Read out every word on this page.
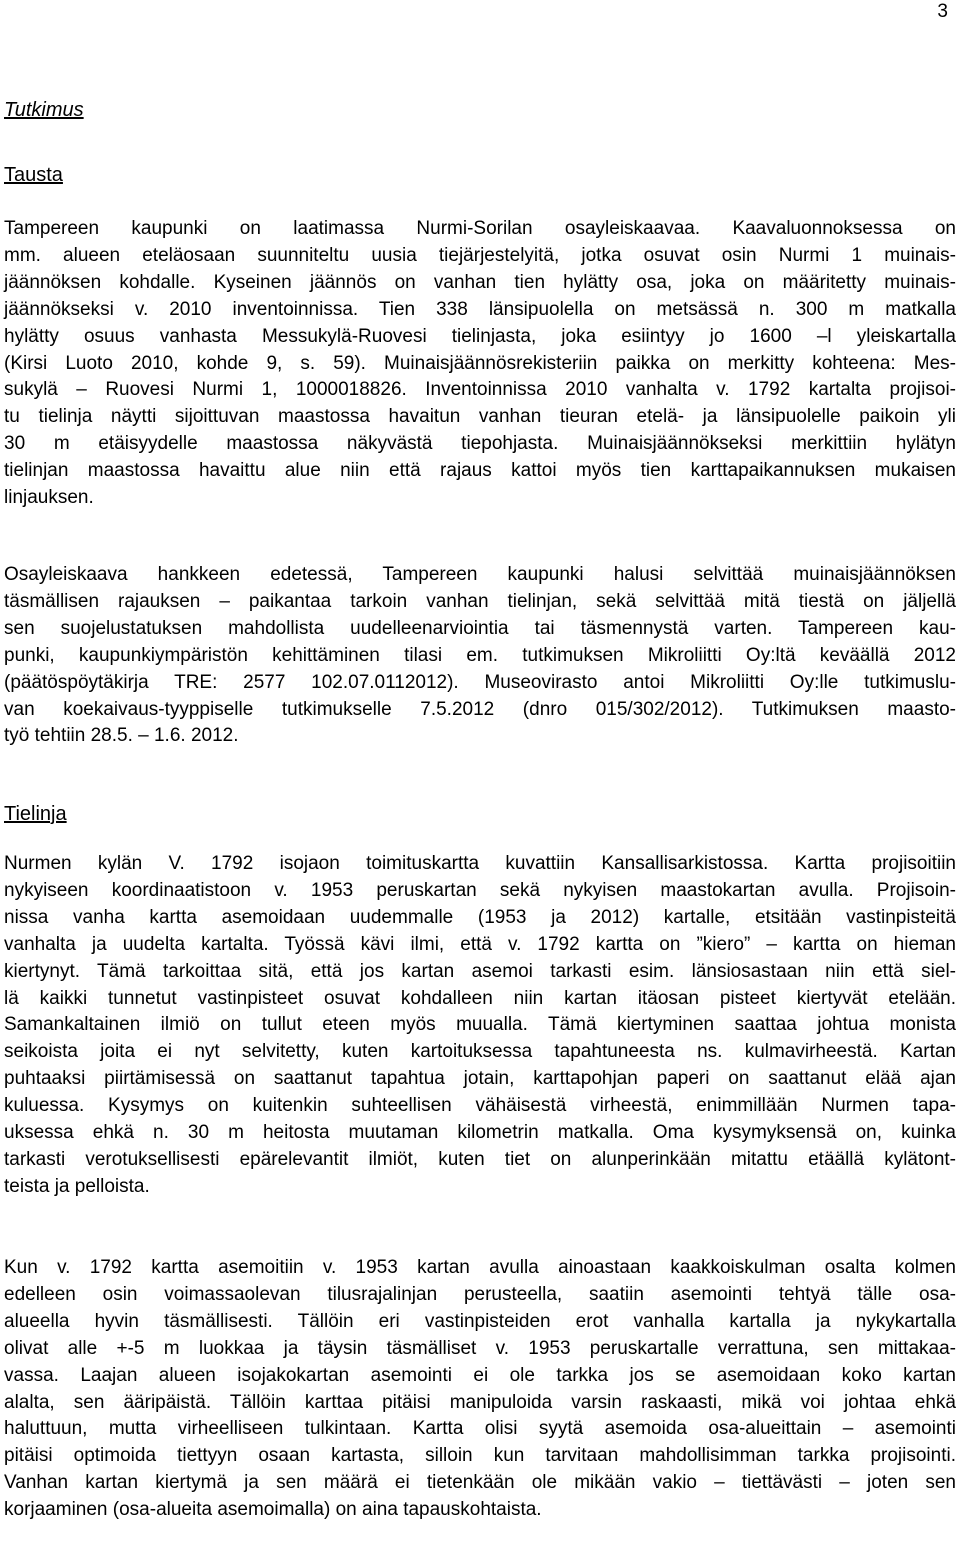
3
Tutkimus
Tausta
Tampereen kaupunki on laatimassa Nurmi-Sorilan osayleiskaavaa. Kaavaluonnoksessa on
mm. alueen eteläosaan suunniteltu uusia tiejärjestelyitä, jotka osuvat osin Nurmi 1 muinais-
jäännöksen kohdalle. Kyseinen jäännös on vanhan tien hylätty osa, joka on määritetty muinais-
jäännökseksi v. 2010 inventoinnissa. Tien 338 länsipuolella on metsässä n. 300 m matkalla
hylätty osuus vanhasta Messukylä-Ruovesi tielinjasta, joka esiintyy jo 1600 –l yleiskartalla
(Kirsi Luoto 2010, kohde 9, s. 59). Muinaisjäännösrekisteriin paikka on merkitty kohteena: Mes-
sukylä – Ruovesi Nurmi 1, 1000018826. Inventoinnissa 2010 vanhalta v. 1792 kartalta projisoi-
tu tielinja näytti sijoittuvan maastossa havaitun vanhan tieuran etelä- ja länsipuolelle paikoin yli
30 m etäisyydelle maastossa näkyvästä tiepohjasta. Muinaisjäännökseksi merkittiin hylätyn
tielinjan maastossa havaittu alue niin että rajaus kattoi myös tien karttapaikannuksen mukaisen
linjauksen.
Osayleiskaava hankkeen edetessä, Tampereen kaupunki halusi selvittää muinaisjäännöksen
täsmällisen rajauksen – paikantaa tarkoin vanhan tielinjan, sekä selvittää mitä tiestä on jäljellä
sen suojelustatuksen mahdollista uudelleenarviointia tai täsmennystä varten. Tampereen kau-
punki, kaupunkiympäristön kehittäminen tilasi em. tutkimuksen Mikroliitti Oy:ltä keväällä 2012
(päätöspöytäkirja TRE: 2577 102.07.0112012). Museovirasto antoi Mikroliitti Oy:lle tutkimuslu-
van koekaivaus-tyyppiselle tutkimukselle 7.5.2012 (dnro 015/302/2012). Tutkimuksen maasto-
työ tehtiin 28.5. – 1.6. 2012.
Tielinja
Nurmen kylän V. 1792 isojaon toimituskartta kuvattiin Kansallisarkistossa. Kartta projisoitiin
nykyiseen koordinaatistoon v. 1953 peruskartan sekä nykyisen maastokartan avulla. Projisoin-
nissa vanha kartta asemoidaan uudemmalle (1953 ja 2012) kartalle, etsitään vastinpisteitä
vanhalta ja uudelta kartalta. Työssä kävi ilmi, että v. 1792 kartta on ”kiero” – kartta on hieman
kiertynyt. Tämä tarkoittaa sitä, että jos kartan asemoi tarkasti esim. länsiosastaan niin että siel-
lä kaikki tunnetut vastinpisteet osuvat kohdalleen niin kartan itäosan pisteet kiertyvät etelään.
Samankaltainen ilmiö on tullut eteen myös muualla. Tämä kiertyminen saattaa johtua monista
seikoista joita ei nyt selvitetty, kuten kartoituksessa tapahtuneesta ns. kulmavirheestä. Kartan
puhtaaksi piirtämisessä on saattanut tapahtua jotain, karttapohjan paperi on saattanut elää ajan
kuluessa. Kysymys on kuitenkin suhteellisen vähäisestä virheestä, enimmillään Nurmen tapa-
uksessa ehkä n. 30 m heitosta muutaman kilometrin matkalla. Oma kysymyksensä on, kuinka
tarkasti verotuksellisesti epärelevantit ilmiöt, kuten tiet on alunperinkään mitattu etäällä kylätont-
teista ja pelloista.
Kun v. 1792 kartta asemoitiin v. 1953 kartan avulla ainoastaan kaakkoiskulman osalta kolmen
edelleen osin voimassaolevan tilusrajalinjan perusteella, saatiin asemointi tehtyä tälle osa-
alueella hyvin täsmällisesti. Tällöin eri vastinpisteiden erot vanhalla kartalla ja nykykartalla
olivat alle +-5 m luokkaa ja täysin täsmälliset v. 1953 peruskartalle verrattuna, sen mittakaa-
vassa. Laajan alueen isojakokartan asemointi ei ole tarkka jos se asemoidaan koko kartan
alalta, sen ääripäistä. Tällöin karttaa pitäisi manipuloida varsin raskaasti, mikä voi johtaa ehkä
haluttuun, mutta virheelliseen tulkintaan. Kartta olisi syytä asemoida osa-alueittain – asemointi
pitäisi optimoida tiettyyn osaan kartasta, silloin kun tarvitaan mahdollisimman tarkka projisointi.
Vanhan kartan kiertymä ja sen määrä ei tietenkään ole mikään vakio – tiettävästi – joten sen
korjaaminen (osa-alueita asemoimalla) on aina tapauskohtaista.
